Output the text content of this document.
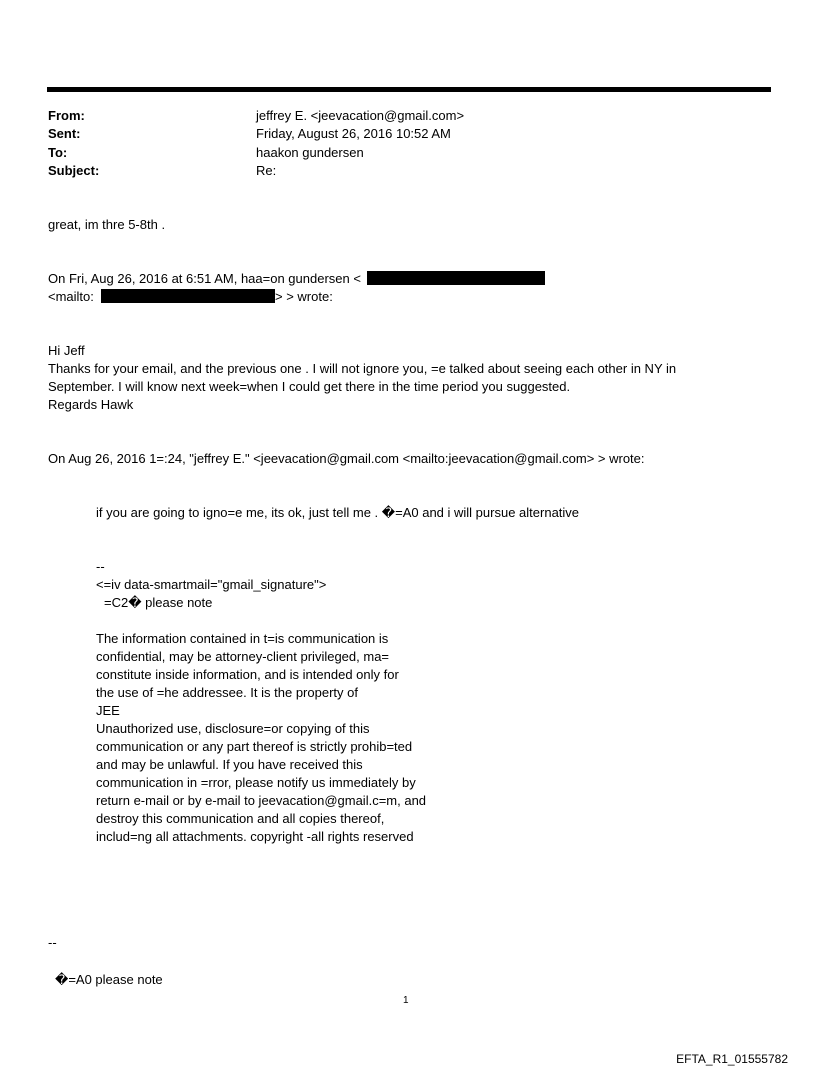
From:	jeffrey E. <jeevacation@gmail.com>
Sent:	Friday, August 26, 2016 10:52 AM
To:	haakon gundersen
Subject:	Re:
great, im thre 5-8th .
On Fri, Aug 26, 2016 at 6:51 AM, haa=on gundersen <
<mailto:	> > wrote:
Hi Jeff
Thanks for your email, and the previous one . I will not ignore you, =e talked about seeing each other in NY in
September. I will know next week=when I could get there in the time period you suggested.
Regards Hawk
On Aug 26, 2016 1=:24, "jeffrey E." <jeevacation@gmail.com <mailto:jeevacation@gmail.com> > wrote:
if you are going to igno=e me, its ok, just tell me . �=A0 and i will pursue alternative
--
<=iv data-smartmail="gmail_signature">
=C2� please note
The information contained in t=is communication is
confidential, may be attorney-client privileged, ma=
constitute inside information, and is intended only for
the use of =he addressee. It is the property of
JEE
Unauthorized use, disclosure=or copying of this
communication or any part thereof is strictly prohib=ted
and may be unlawful. If you have received this
communication in =rror, please notify us immediately by
return e-mail or by e-mail to jeevacation@gmail.c=m, and
destroy this communication and all copies thereof,
includ=ng all attachments. copyright -all rights reserved
--
�=A0 please note
1
EFTA_R1_01555782
